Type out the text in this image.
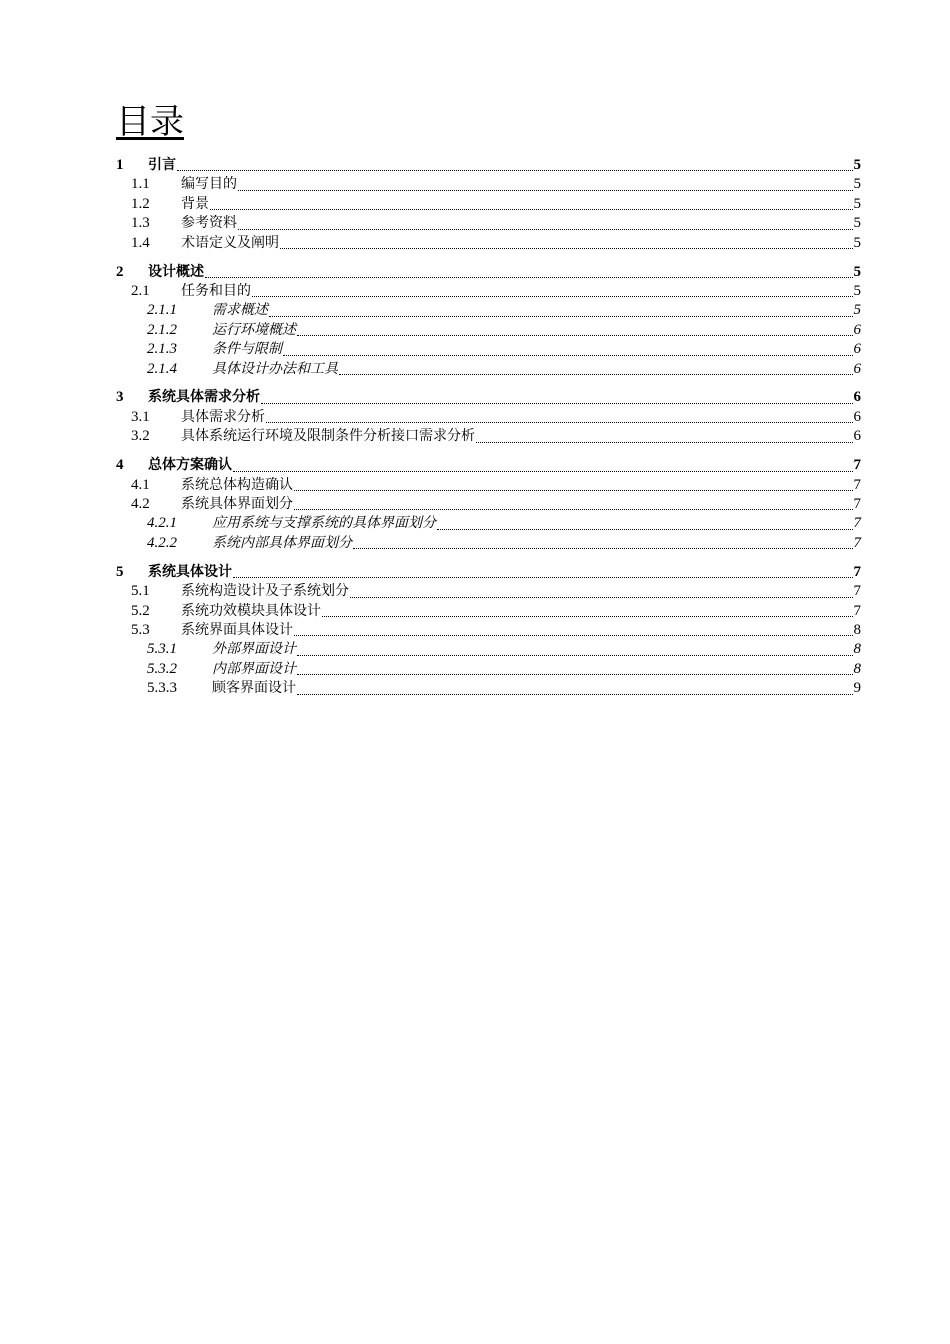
目录
1	引言	5
1.1	编写目的	5
1.2	背景	5
1.3	参考资料	5
1.4	术语定义及阐明	5
2	设计概述	5
2.1	任务和目的	5
2.1.1	需求概述	5
2.1.2	运行环境概述	6
2.1.3	条件与限制	6
2.1.4	具体设计办法和工具	6
3	系统具体需求分析	6
3.1	具体需求分析	6
3.2	具体系统运行环境及限制条件分析接口需求分析	6
4	总体方案确认	7
4.1	系统总体构造确认	7
4.2	系统具体界面划分	7
4.2.1	应用系统与支撑系统的具体界面划分	7
4.2.2	系统内部具体界面划分	7
5	系统具体设计	7
5.1	系统构造设计及子系统划分	7
5.2	系统功效模块具体设计	7
5.3	系统界面具体设计	8
5.3.1	外部界面设计	8
5.3.2	内部界面设计	8
5.3.3	顾客界面设计	9
